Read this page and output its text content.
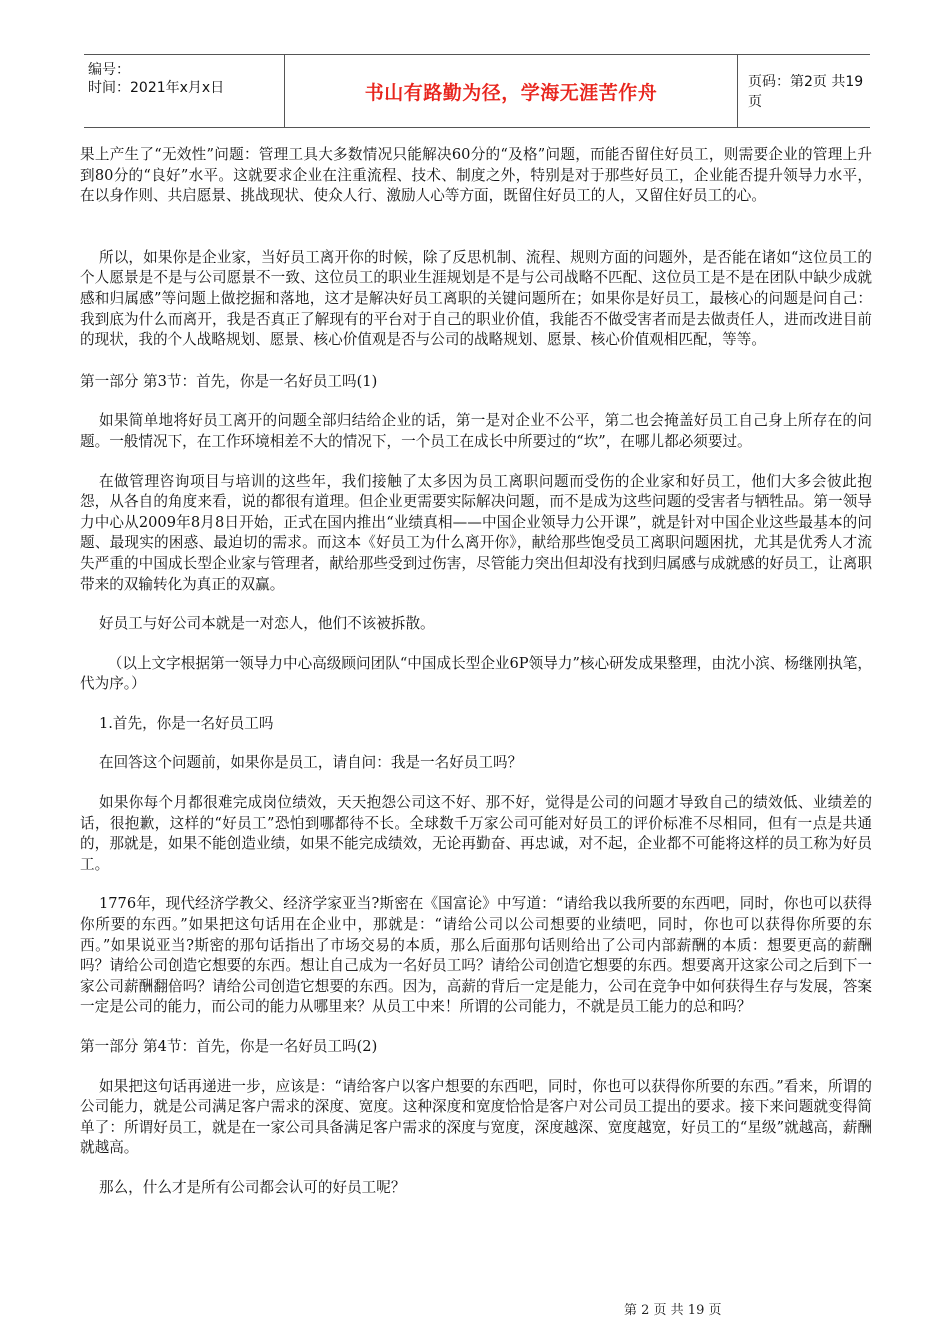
编号：
时间：2021年x月x日	书山有路勤为径，学海无涯苦作舟	页码：第2页 共19页

果上产生了“无效性”问题：管理工具大多数情况只能解决60分的“及格”问题，而能否留住好员工，则需要企业的管理上升到80分的“良好”水平。这就要求企业在注重流程、技术、制度之外，特别是对于那些好员工，企业能否提升领导力水平，在以身作则、共启愿景、挑战现状、使众人行、激励人心等方面，既留住好员工的人，又留住好员工的心。

所以，如果你是企业家，当好员工离开你的时候，除了反思机制、流程、规则方面的问题外，是否能在诸如“这位员工的个人愿景是不是与公司愿景不一致、这位员工的职业生涯规划是不是与公司战略不匹配、这位员工是不是在团队中缺少成就感和归属感”等问题上做挖掘和落地，这才是解决好员工离职的关键问题所在；如果你是好员工，最核心的问题是问自己：我到底为什么而离开，我是否真正了解现有的平台对于自己的职业价值，我能否不做受害者而是去做责任人，进而改进目前的现状，我的个人战略规划、愿景、核心价值观是否与公司的战略规划、愿景、核心价值观相匹配，等等。

第一部分 第3节：首先，你是一名好员工吗(1)

如果简单地将好员工离开的问题全部归结给企业的话，第一是对企业不公平，第二也会掩盖好员工自己身上所存在的问题。一般情况下，在工作环境相差不大的情况下，一个员工在成长中所要过的“坎”，在哪儿都必须要过。

在做管理咨询项目与培训的这些年，我们接触了太多因为员工离职问题而受伤的企业家和好员工，他们大多会彼此抱怨，从各自的角度来看，说的都很有道理。但企业更需要实际解决问题，而不是成为这些问题的受害者与牺牲品。第一领导力中心从2009年8月8日开始，正式在国内推出“业绩真相——中国企业领导力公开课”，就是针对中国企业这些最基本的问题、最现实的困惑、最迫切的需求。而这本《好员工为什么离开你》，献给那些饱受员工离职问题困扰，尤其是优秀人才流失严重的中国成长型企业家与管理者，献给那些受到过伤害，尽管能力突出但却没有找到归属感与成就感的好员工，让离职带来的双输转化为真正的双赢。

好员工与好公司本就是一对恋人，他们不该被拆散。

（以上文字根据第一领导力中心高级顾问团队“中国成长型企业6P领导力”核心研发成果整理，由沈小滨、杨继刚执笔，代为序。）

1.首先，你是一名好员工吗

在回答这个问题前，如果你是员工，请自问：我是一名好员工吗？

如果你每个月都很难完成岗位绩效，天天抱怨公司这不好、那不好，觉得是公司的问题才导致自己的绩效低、业绩差的话，很抱歉，这样的“好员工”恐怕到哪都待不长。全球数千万家公司可能对好员工的评价标准不尽相同，但有一点是共通的，那就是，如果不能创造业绩，如果不能完成绩效，无论再勤奋、再忠诚，对不起，企业都不可能将这样的员工称为好员工。

1776年，现代经济学教父、经济学家亚当?斯密在《国富论》中写道：“请给我以我所要的东西吧，同时，你也可以获得你所要的东西。”如果把这句话用在企业中，那就是：“请给公司以公司想要的业绩吧，同时，你也可以获得你所要的东西。”如果说亚当?斯密的那句话指出了市场交易的本质，那么后面那句话则给出了公司内部薪酬的本质：想要更高的薪酬吗？请给公司创造它想要的东西。想让自己成为一名好员工吗？请给公司创造它想要的东西。想要离开这家公司之后到下一家公司薪酬翻倍吗？请给公司创造它想要的东西。因为，高薪的背后一定是能力，公司在竞争中如何获得生存与发展，答案一定是公司的能力，而公司的能力从哪里来？从员工中来！所谓的公司能力，不就是员工能力的总和吗？

第一部分 第4节：首先，你是一名好员工吗(2)

如果把这句话再递进一步，应该是：“请给客户以客户想要的东西吧，同时，你也可以获得你所要的东西。”看来，所谓的公司能力，就是公司满足客户需求的深度、宽度。这种深度和宽度恰恰是客户对公司员工提出的要求。接下来问题就变得简单了：所谓好员工，就是在一家公司具备满足客户需求的深度与宽度，深度越深、宽度越宽，好员工的“星级”就越高，薪酬就越高。

那么，什么才是所有公司都会认可的好员工呢？

第 2 页 共 19 页
